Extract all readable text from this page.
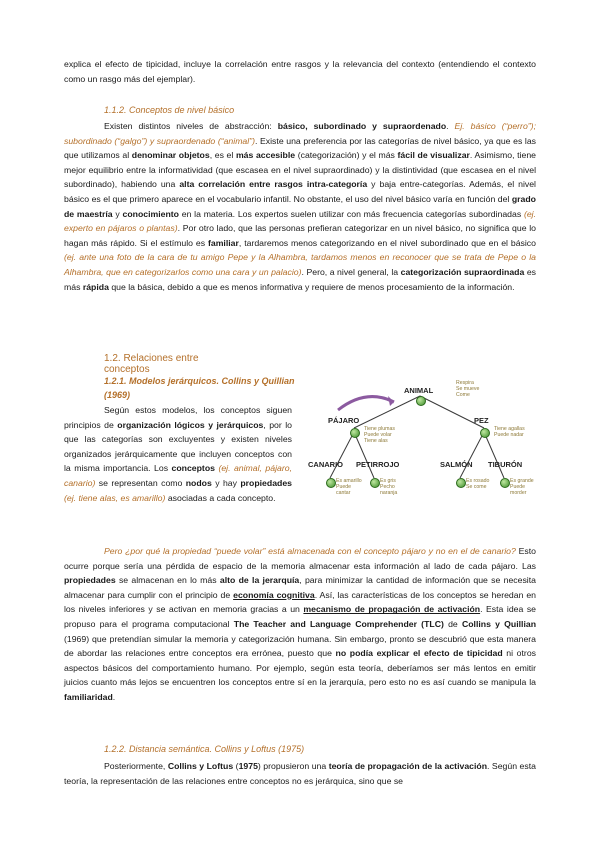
explica el efecto de tipicidad, incluye la correlación entre rasgos y la relevancia del contexto (entendiendo el contexto como un rasgo más del ejemplar).

1.1.2. Conceptos de nivel básico

Existen distintos niveles de abstracción: básico, subordinado y supraordenado. Ej. básico (“perro”); subordinado (“galgo”) y supraordenado (“animal”). Existe una preferencia por las categorías de nivel básico, ya que es las que utilizamos al denominar objetos, es el más accesible (categorización) y el más fácil de visualizar. Asimismo, tiene mejor equilibrio entre la informatividad (que escasea en el nivel supraordinado) y la distintividad (que escasea en el nivel subordinado), habiendo una alta correlación entre rasgos intra-categoría y baja entre-categorías. Además, el nivel básico es el que primero aparece en el vocabulario infantil. No obstante, el uso del nivel básico varía en función del grado de maestría y conocimiento en la materia. Los expertos suelen utilizar con más frecuencia categorías subordinadas (ej. experto en pájaros o plantas). Por otro lado, que las personas prefieran categorizar en un nivel básico, no significa que lo hagan más rápido. Si el estímulo es familiar, tardaremos menos categorizando en el nivel subordinado que en el básico (ej. ante una foto de la cara de tu amigo Pepe y la Alhambra, tardamos menos en reconocer que se trata de Pepe o la Alhambra, que en categorizarlos como una cara y un palacio). Pero, a nivel general, la categorización supraordinada es más rápida que la básica, debido a que es menos informativa y requiere de menos procesamiento de la información.

1.2. Relaciones entre conceptos

1.2.1. Modelos jerárquicos. Collins y Quillian (1969)

Según estos modelos, los conceptos siguen principios de organización lógicos y jerárquicos, por lo que las categorías son excluyentes y existen niveles organizados jerárquicamente que incluyen conceptos con la misma importancia. Los conceptos (ej. animal, pájaro, canario) se representan como nodos y hay propiedades (ej. tiene alas, es amarillo) asociadas a cada concepto.

ANIMAL
Respira
Se mueve
Come
PÁJARO
Tiene plumas
Puede volar
Tiene alas
PEZ
Tiene agallas
Puede nadar
CANARIO
Es amarillo
Puede
cantar
PETIRROJO
Es gris
Pecho
naranja
SALMÓN
Es rosado
Se come
TIBURÓN
Es grande
Puede
morder

Pero ¿por qué la propiedad “puede volar” está almacenada con el concepto pájaro y no en el de canario? Esto ocurre porque sería una pérdida de espacio de la memoria almacenar esta información al lado de cada pájaro. Las propiedades se almacenan en lo más alto de la jerarquía, para minimizar la cantidad de información que se necesita almacenar para cumplir con el principio de economía cognitiva. Así, las características de los conceptos se heredan en los niveles inferiores y se activan en memoria gracias a un mecanismo de propagación de activación. Esta idea se propuso para el programa computacional The Teacher and Language Comprehender (TLC) de Collins y Quillian (1969) que pretendían simular la memoria y categorización humana. Sin embargo, pronto se descubrió que esta manera de abordar las relaciones entre conceptos era errónea, puesto que no podía explicar el efecto de tipicidad ni otros aspectos básicos del comportamiento humano. Por ejemplo, según esta teoría, deberíamos ser más lentos en emitir juicios cuanto más lejos se encuentren los conceptos entre sí en la jerarquía, pero esto no es así cuando se manipula la familiaridad.

1.2.2. Distancia semántica. Collins y Loftus (1975)

Posteriormente, Collins y Loftus (1975) propusieron una teoría de propagación de la activación. Según esta teoría, la representación de las relaciones entre conceptos no es jerárquica, sino que se
